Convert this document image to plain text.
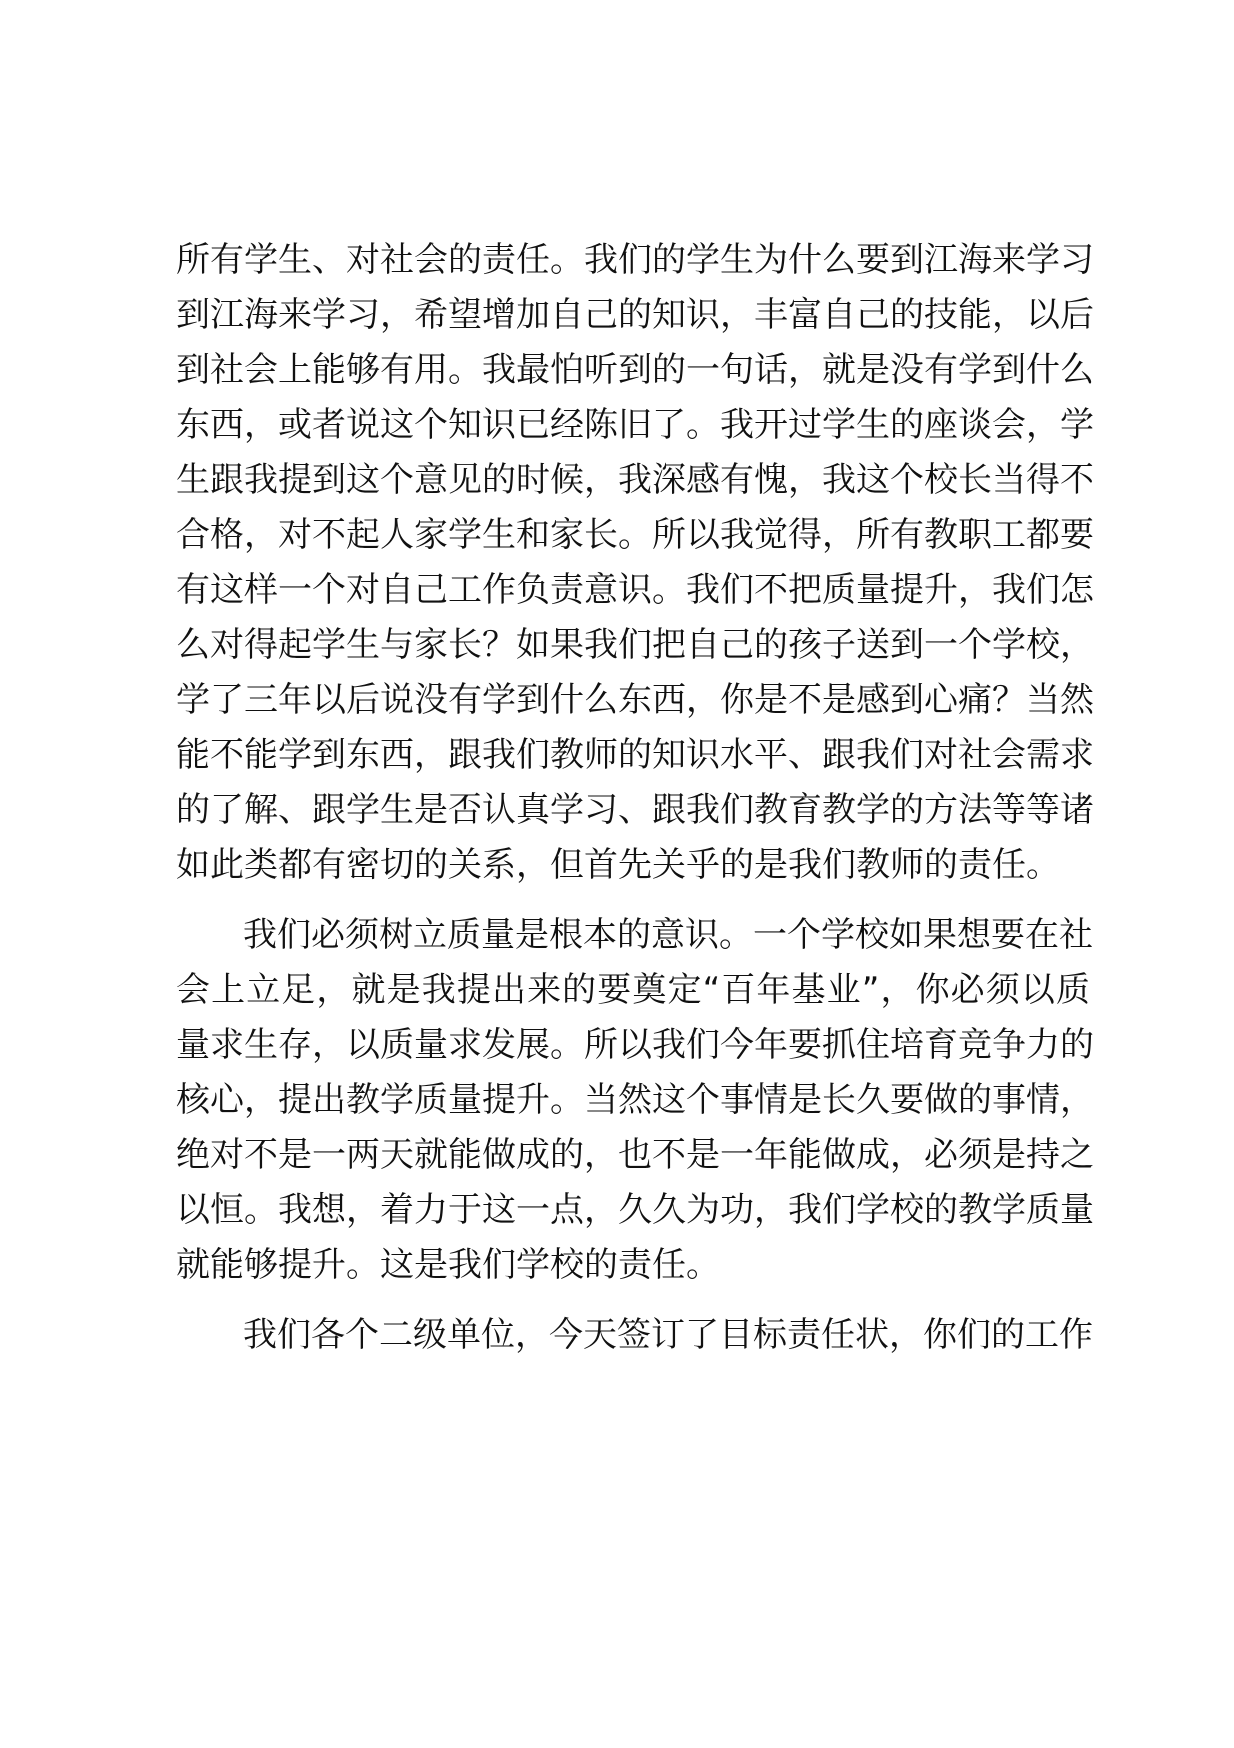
所有学生、对社会的责任。我们的学生为什么要到江海来学习
到江海来学习，希望增加自己的知识，丰富自己的技能，以后
到社会上能够有用。我最怕听到的一句话，就是没有学到什么
东西，或者说这个知识已经陈旧了。我开过学生的座谈会，学
生跟我提到这个意见的时候，我深感有愧，我这个校长当得不
合格，对不起人家学生和家长。所以我觉得，所有教职工都要
有这样一个对自己工作负责意识。我们不把质量提升，我们怎
么对得起学生与家长？如果我们把自己的孩子送到一个学校，
学了三年以后说没有学到什么东西，你是不是感到心痛？当然
能不能学到东西，跟我们教师的知识水平、跟我们对社会需求
的了解、跟学生是否认真学习、跟我们教育教学的方法等等诸
如此类都有密切的关系，但首先关乎的是我们教师的责任。
我们必须树立质量是根本的意识。一个学校如果想要在社
会上立足，就是我提出来的要奠定“百年基业”，你必须以质
量求生存，以质量求发展。所以我们今年要抓住培育竞争力的
核心，提出教学质量提升。当然这个事情是长久要做的事情，
绝对不是一两天就能做成的，也不是一年能做成，必须是持之
以恒。我想，着力于这一点，久久为功，我们学校的教学质量
就能够提升。这是我们学校的责任。
我们各个二级单位，今天签订了目标责任状，你们的工作
